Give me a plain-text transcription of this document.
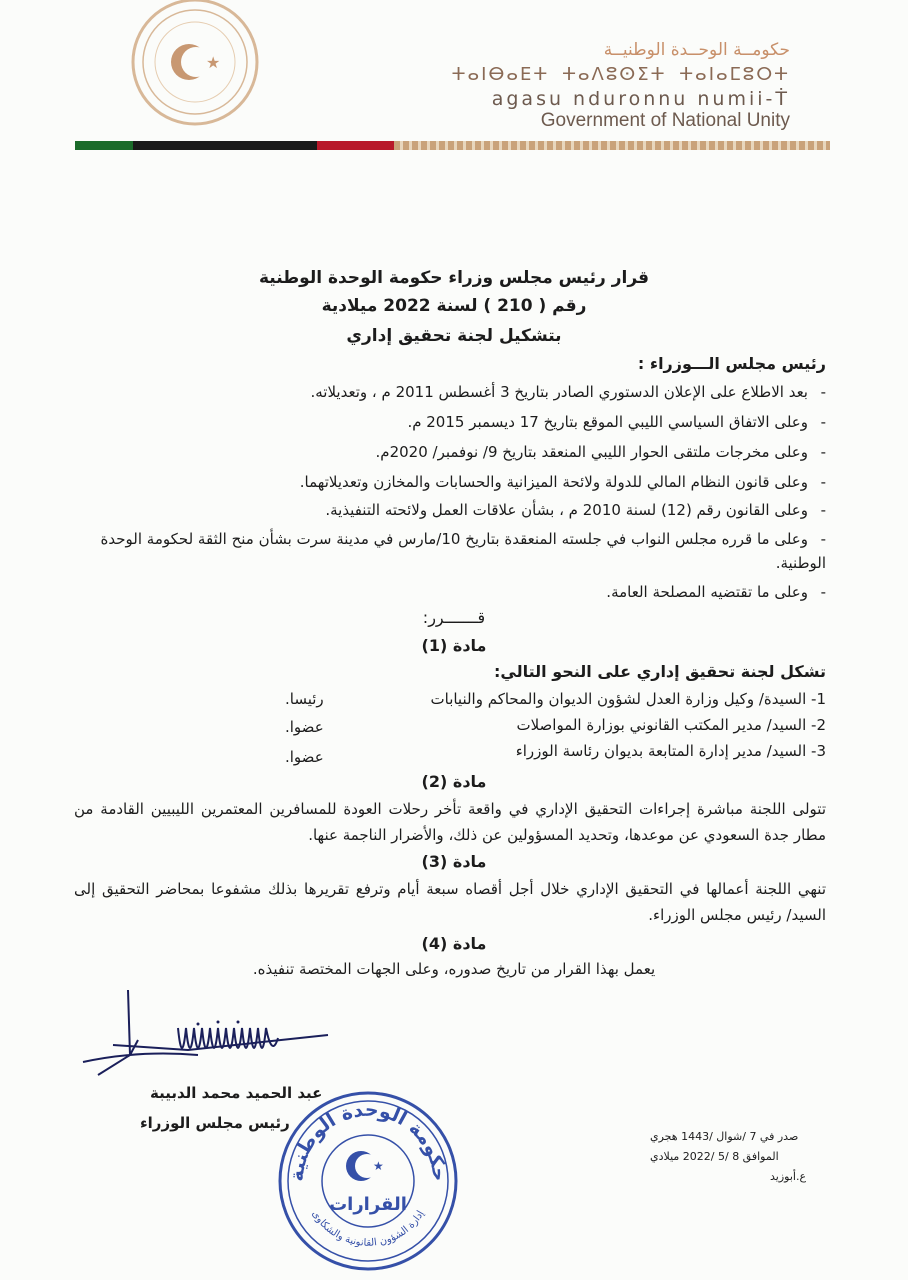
★
حكومــة الوحــدة الوطنيــة
ⵜⴰⵏⴱⴰⴹⵜ ⵜⴰⴷⵓⵙⵉⵜ ⵜⴰⵏⴰⵎⵓⵔⵜ
agasu nduronnu numii-Ṫ
Government of National Unity
قرار رئيس مجلس وزراء حكومة الوحدة الوطنية
رقم ( 210 ) لسنة 2022 ميلادية
بتشكيل لجنة تحقيق إداري
رئيس مجلس الـــوزراء :
-بعد الاطلاع على الإعلان الدستوري الصادر بتاريخ 3 أغسطس 2011 م ، وتعديلاته.
-وعلى الاتفاق السياسي الليبي الموقع بتاريخ 17 ديسمبر 2015 م.
-وعلى مخرجات ملتقى الحوار الليبي المنعقد بتاريخ 9/ نوفمبر/ 2020م.
-وعلى قانون النظام المالي للدولة ولائحة الميزانية والحسابات والمخازن وتعديلاتهما.
-وعلى القانون رقم (12) لسنة 2010 م ، بشأن علاقات العمل ولائحته التنفيذية.
-وعلى ما قرره مجلس النواب في جلسته المنعقدة بتاريخ 10/مارس في مدينة سرت بشأن منح الثقة لحكومة الوحدة الوطنية.
-وعلى ما تقتضيه المصلحة العامة.
قـــــــرر:
مادة (1)
تشكل لجنة تحقيق إداري على النحو التالي:
1- السيدة/ وكيل وزارة العدل لشؤون الديوان والمحاكم والنيابات
رئيسا.
2- السيد/ مدير المكتب القانوني بوزارة المواصلات
عضوا.
3- السيد/ مدير إدارة المتابعة بديوان رئاسة الوزراء
عضوا.
مادة (2)
تتولى اللجنة مباشرة إجراءات التحقيق الإداري في واقعة تأخر رحلات العودة للمسافرين المعتمرين الليبيين القادمة من مطار جدة السعودي عن موعدها، وتحديد المسؤولين عن ذلك، والأضرار الناجمة عنها.
مادة (3)
تنهي اللجنة أعمالها في التحقيق الإداري خلال أجل أقصاه سبعة أيام وترفع تقريرها بذلك مشفوعا بمحاضر التحقيق إلى السيد/ رئيس مجلس الوزراء.
مادة (4)
يعمل بهذا القرار من تاريخ صدوره، وعلى الجهات المختصة تنفيذه.
عبد الحميد محمد الدبيبة
رئيس مجلس الوزراء
حكومة الوحدة الوطنية
إدارة الشؤون القانونية والشكاوى
★
القرارات
صدر في 7 /شوال /1443 هجري
الموافق 8 /5 /2022 ميلادي
ع.أبوزيد
